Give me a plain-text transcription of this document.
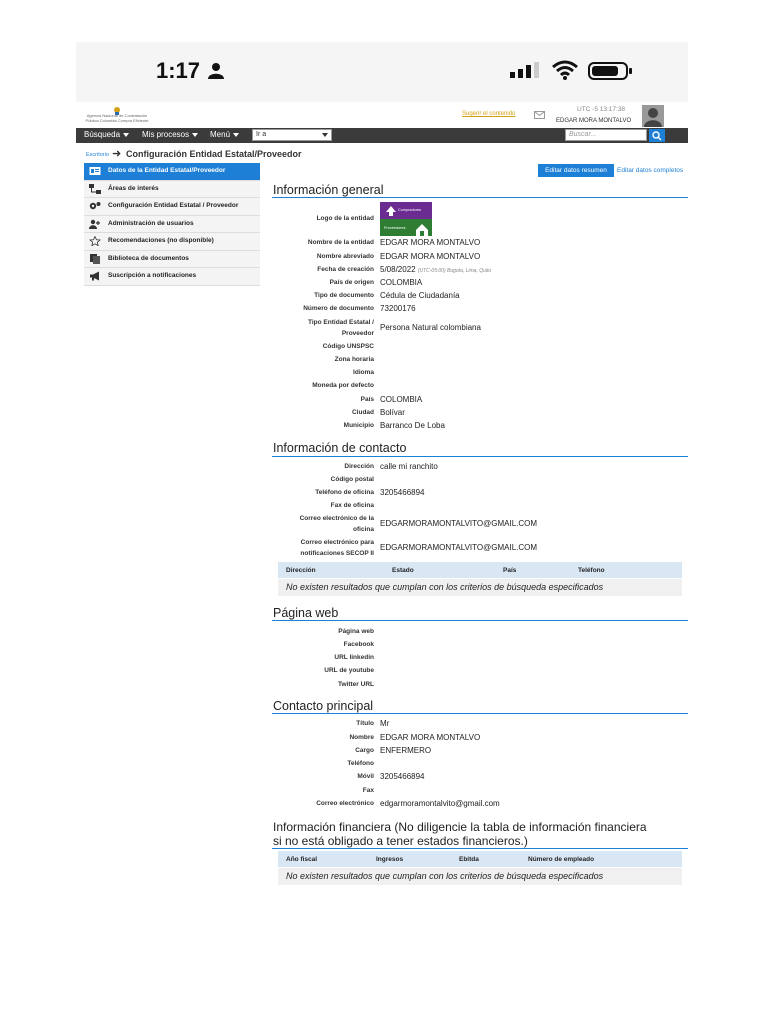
1:17
Agencia Nacional de Contratación Pública Colombia Compra Eficiente
Sugerir el contenido
UTC -5 13:17:38
EDGAR MORA MONTALVO
Búsqueda	Mis procesos	Menú	Ir a	Buscar...
Escritorio ➜ Configuración Entidad Estatal/Proveedor
Datos de la Entidad Estatal/Proveedor
Áreas de interés
Configuración Entidad Estatal / Proveedor
Administración de usuarios
Recomendaciones (no disponible)
Biblioteca de documentos
Suscripción a notificaciones
Editar datos resumen	Editar datos completos
Información general
Logo de la entidad
Compradores
Proveedores
Nombre de la entidad EDGAR MORA MONTALVO
Nombre abreviado EDGAR MORA MONTALVO
Fecha de creación 5/08/2022 (UTC-05:00) Bogota, Lima, Quito
País de origen COLOMBIA
Tipo de documento Cédula de Ciudadanía
Número de documento 73200176
Tipo Entidad Estatal /
Proveedor
Persona Natural colombiana
Código UNSPSC
Zona horaria
Idioma
Moneda por defecto
País COLOMBIA
Ciudad Bolívar
Municipio Barranco De Loba
Información de contacto
Dirección calle mi ranchito
Código postal
Teléfono de oficina 3205466894
Fax de oficina
Correo electrónico de la
oficina
EDGARMORAMONTALVITO@GMAIL.COM
Correo electrónico para
notificaciones SECOP II
EDGARMORAMONTALVITO@GMAIL.COM
Dirección	Estado	País	Teléfono
No existen resultados que cumplan con los criterios de búsqueda especificados
Página web
Página web
Facebook
URL linkedin
URL de youtube
Twitter URL
Contacto principal
Título Mr
Nombre EDGAR MORA MONTALVO
Cargo ENFERMERO
Teléfono
Móvil 3205466894
Fax
Correo electrónico edgarmoramontalvito@gmail.com
Información financiera (No diligencie la tabla de información financiera
si no está obligado a tener estados financieros.)
Año fiscal	Ingresos	Ebitda	Número de empleado
No existen resultados que cumplan con los criterios de búsqueda especificados
